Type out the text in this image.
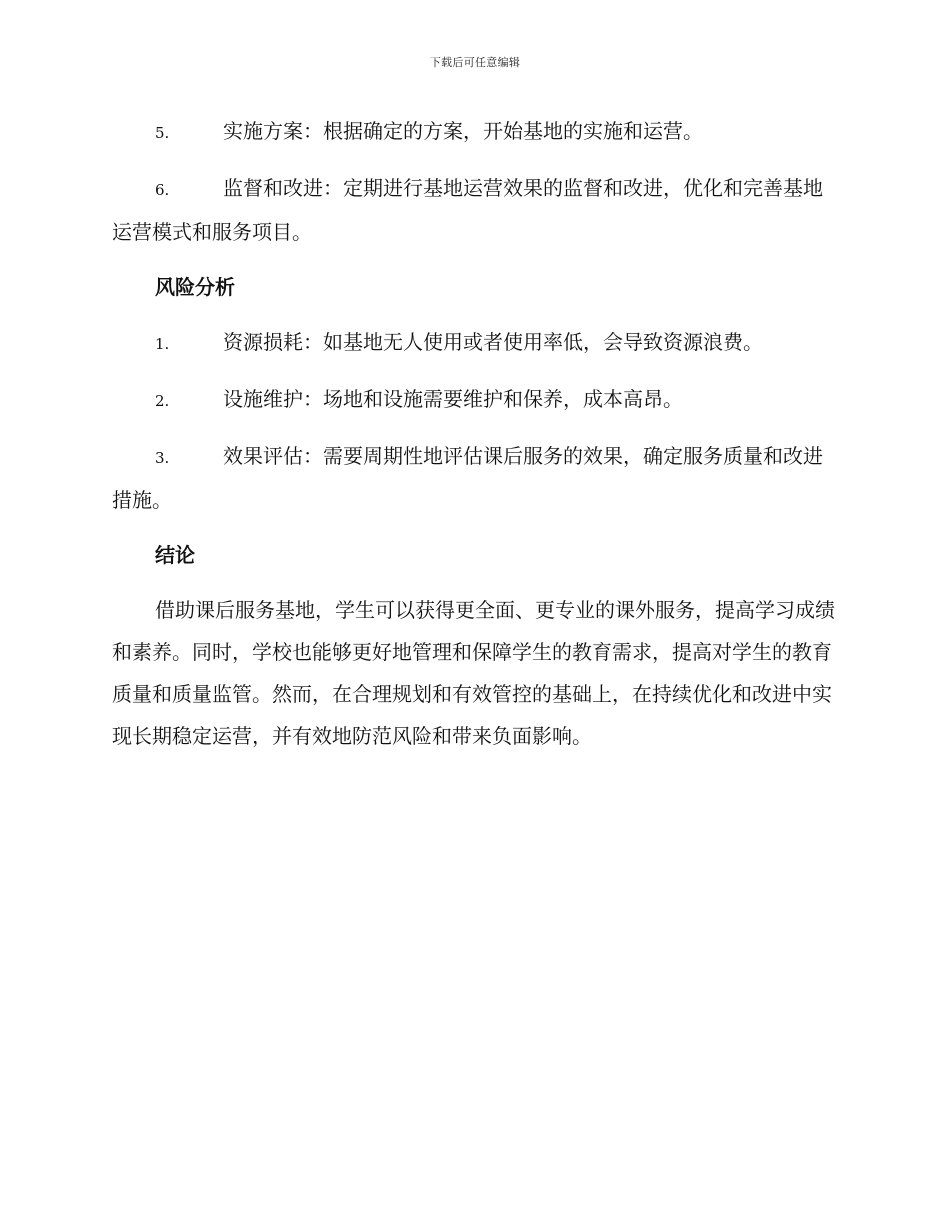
下载后可任意编辑

5.	实施方案：根据确定的方案，开始基地的实施和运营。

6.	监督和改进：定期进行基地运营效果的监督和改进，优化和完善基地运营模式和服务项目。

风险分析

1.	资源损耗：如基地无人使用或者使用率低，会导致资源浪费。

2.	设施维护：场地和设施需要维护和保养，成本高昂。

3.	效果评估：需要周期性地评估课后服务的效果，确定服务质量和改进措施。

结论

借助课后服务基地，学生可以获得更全面、更专业的课外服务，提高学习成绩和素养。同时，学校也能够更好地管理和保障学生的教育需求，提高对学生的教育质量和质量监管。然而，在合理规划和有效管控的基础上，在持续优化和改进中实现长期稳定运营，并有效地防范风险和带来负面影响。
